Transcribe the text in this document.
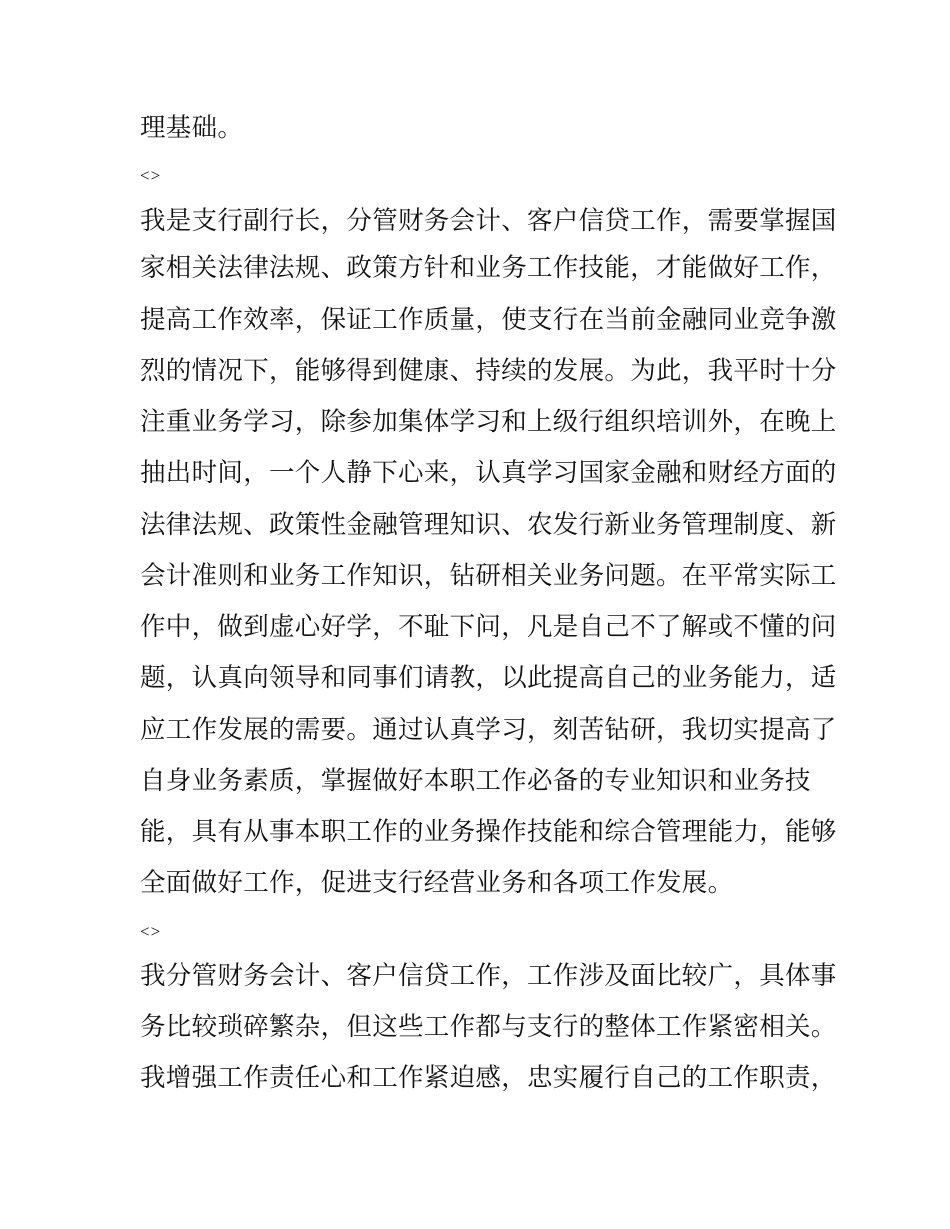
理基础。
<>
我是支行副行长，分管财务会计、客户信贷工作，需要掌握国
家相关法律法规、政策方针和业务工作技能，才能做好工作，
提高工作效率，保证工作质量，使支行在当前金融同业竞争激
烈的情况下，能够得到健康、持续的发展。为此，我平时十分
注重业务学习，除参加集体学习和上级行组织培训外，在晚上
抽出时间，一个人静下心来，认真学习国家金融和财经方面的
法律法规、政策性金融管理知识、农发行新业务管理制度、新
会计准则和业务工作知识，钻研相关业务问题。在平常实际工
作中，做到虚心好学，不耻下问，凡是自己不了解或不懂的问
题，认真向领导和同事们请教，以此提高自己的业务能力，适
应工作发展的需要。通过认真学习，刻苦钻研，我切实提高了
自身业务素质，掌握做好本职工作必备的专业知识和业务技
能，具有从事本职工作的业务操作技能和综合管理能力，能够
全面做好工作，促进支行经营业务和各项工作发展。
<>
我分管财务会计、客户信贷工作，工作涉及面比较广，具体事
务比较琐碎繁杂，但这些工作都与支行的整体工作紧密相关。
我增强工作责任心和工作紧迫感，忠实履行自己的工作职责，
